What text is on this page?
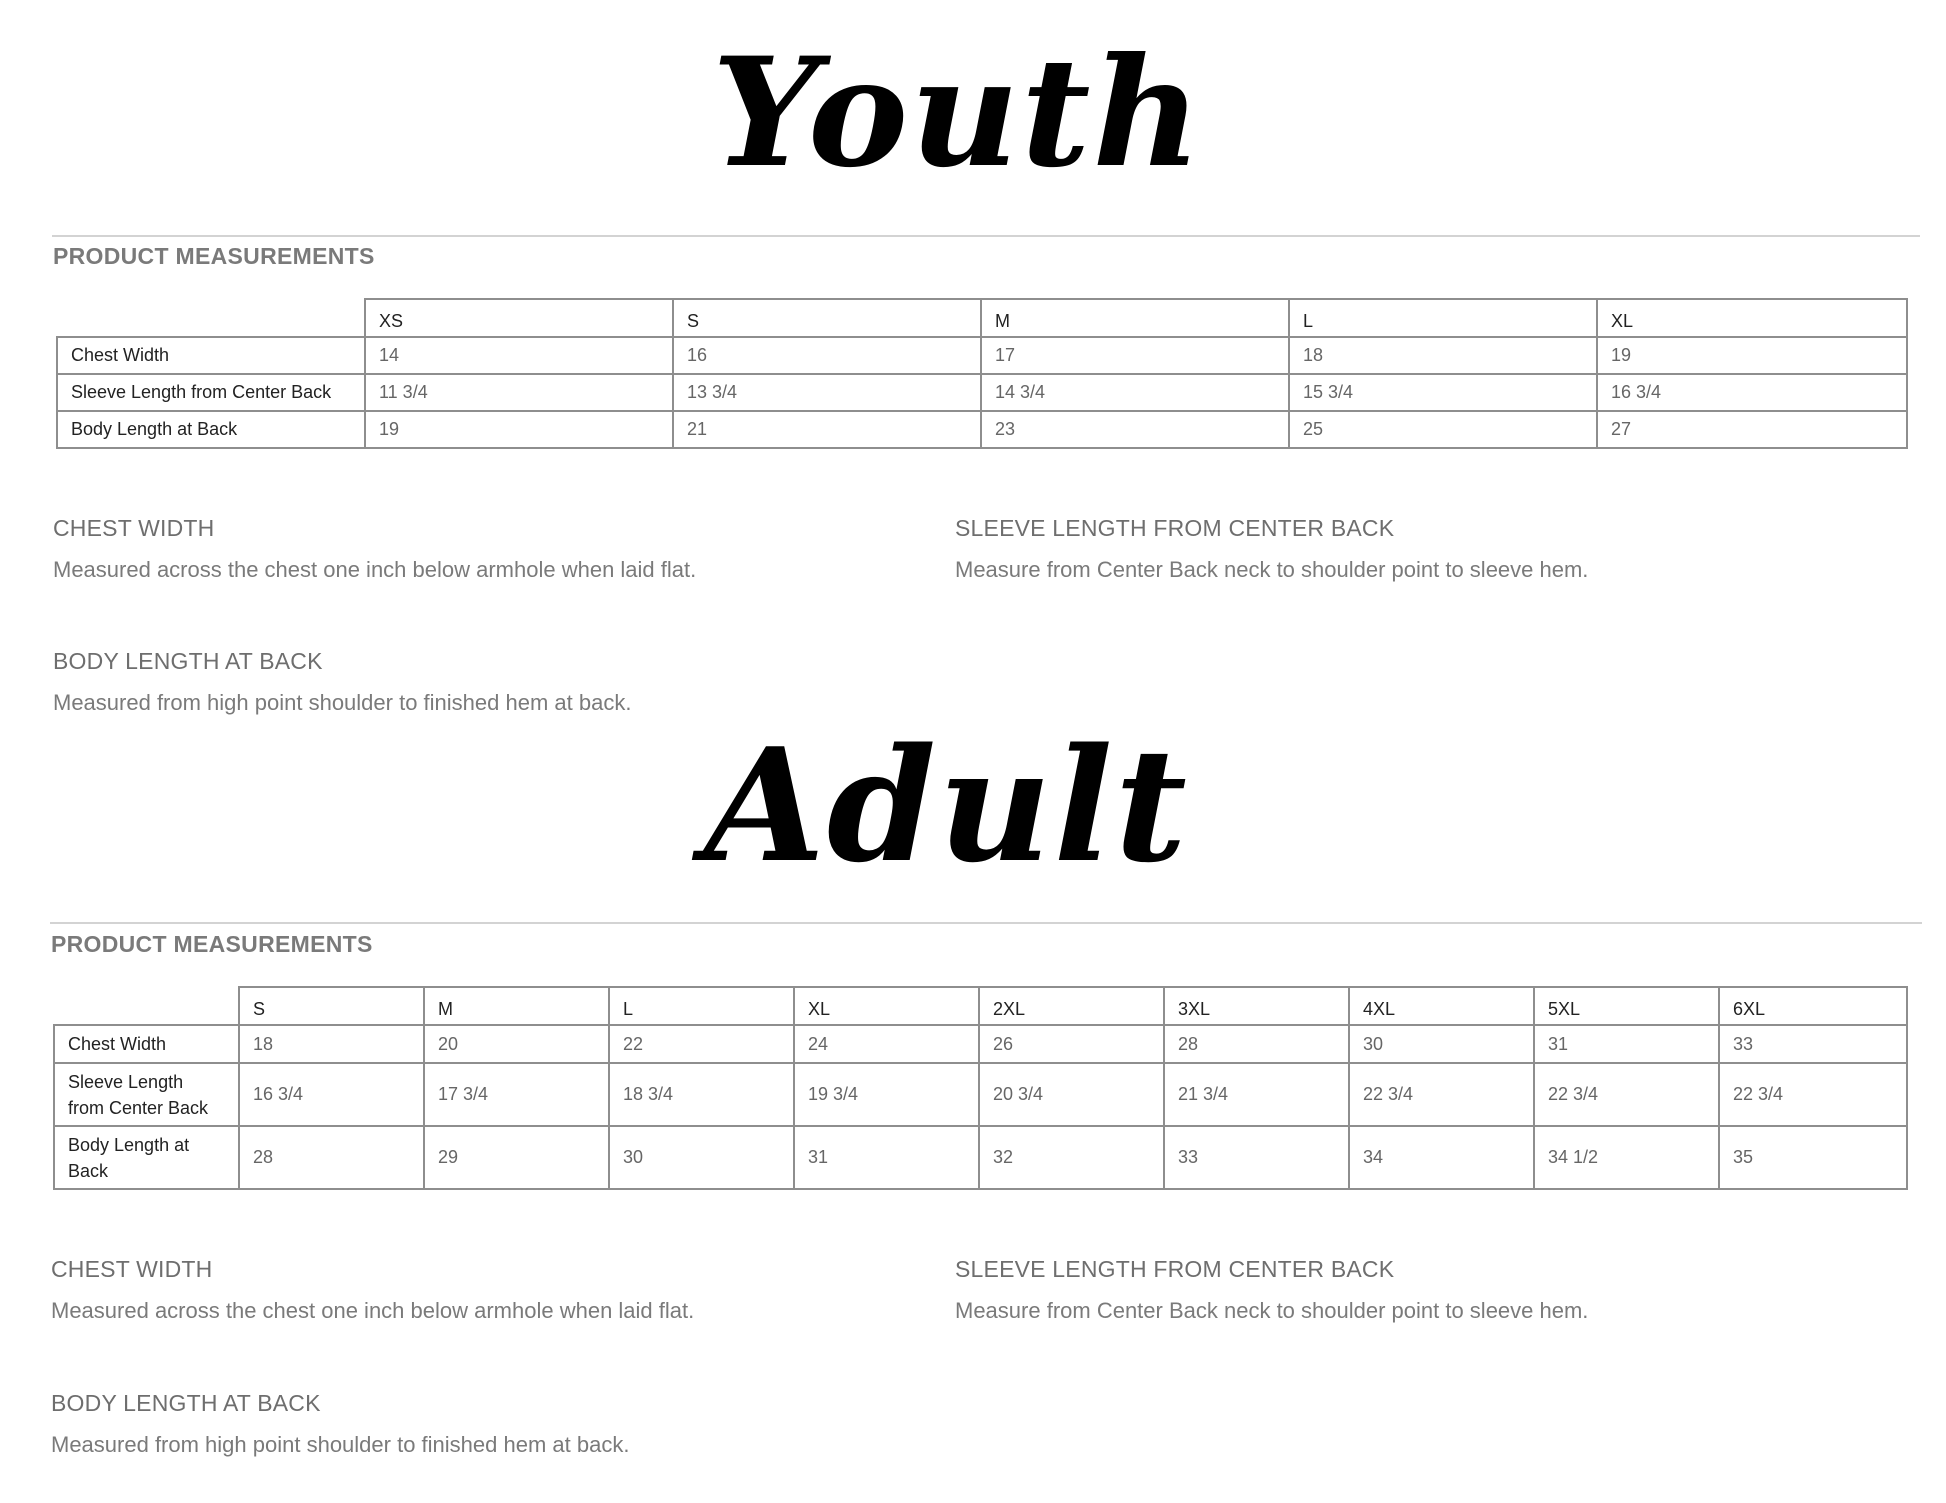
Youth
PRODUCT MEASUREMENTS
	XS	S	M	L	XL
Chest Width	14	16	17	18	19
Sleeve Length from Center Back	11 3/4	13 3/4	14 3/4	15 3/4	16 3/4
Body Length at Back	19	21	23	25	27
CHEST WIDTH
Measured across the chest one inch below armhole when laid flat.
SLEEVE LENGTH FROM CENTER BACK
Measure from Center Back neck to shoulder point to sleeve hem.
BODY LENGTH AT BACK
Measured from high point shoulder to finished hem at back.
Adult
PRODUCT MEASUREMENTS
	S	M	L	XL	2XL	3XL	4XL	5XL	6XL
Chest Width	18	20	22	24	26	28	30	31	33
Sleeve Length
from Center Back	16 3/4	17 3/4	18 3/4	19 3/4	20 3/4	21 3/4	22 3/4	22 3/4	22 3/4
Body Length at
Back	28	29	30	31	32	33	34	34 1/2	35
CHEST WIDTH
Measured across the chest one inch below armhole when laid flat.
SLEEVE LENGTH FROM CENTER BACK
Measure from Center Back neck to shoulder point to sleeve hem.
BODY LENGTH AT BACK
Measured from high point shoulder to finished hem at back.
